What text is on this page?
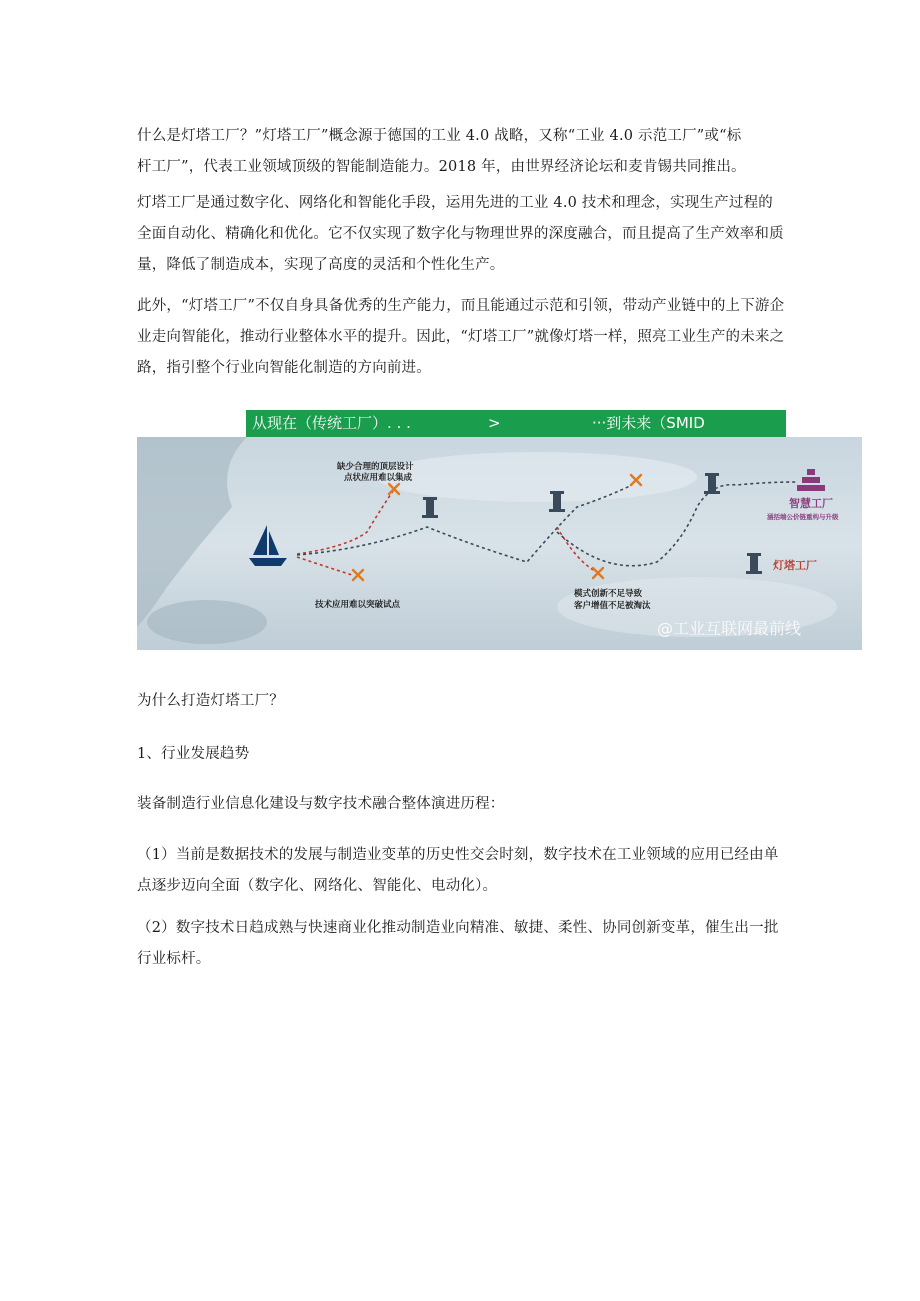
什么是灯塔工厂？”灯塔工厂”概念源于德国的工业 4.0 战略，又称“工业 4.0 示范工厂”或“标
杆工厂”，代表工业领域顶级的智能制造能力。2018 年，由世界经济论坛和麦肯锡共同推出。

灯塔工厂是通过数字化、网络化和智能化手段，运用先进的工业 4.0 技术和理念，实现生产过程的全面自动化、精确化和优化。它不仅实现了数字化与物理世界的深度融合，而且提高了生产效率和质量，降低了制造成本，实现了高度的灵活和个性化生产。

此外，“灯塔工厂”不仅自身具备优秀的生产能力，而且能通过示范和引领，带动产业链中的上下游企业走向智能化，推动行业整体水平的提升。因此，“灯塔工厂”就像灯塔一样，照亮工业生产的未来之路，指引整个行业向智能化制造的方向前进。

从现在（传统工厂）. . .	>	···到未来（SMID
缺少合理的顶层设计
点状应用难以集成
技术应用难以突破试点
模式创新不足导致
客户增值不足被淘汰
智慧工厂
涵括端公价链重构与升级
灯塔工厂
@工业互联网最前线

为什么打造灯塔工厂？

1、行业发展趋势

装备制造行业信息化建设与数字技术融合整体演进历程：

（1）当前是数据技术的发展与制造业变革的历史性交会时刻，数字技术在工业领域的应用已经由单点逐步迈向全面（数字化、网络化、智能化、电动化）。

（2）数字技术日趋成熟与快速商业化推动制造业向精准、敏捷、柔性、协同创新变革，催生出一批行业标杆。
